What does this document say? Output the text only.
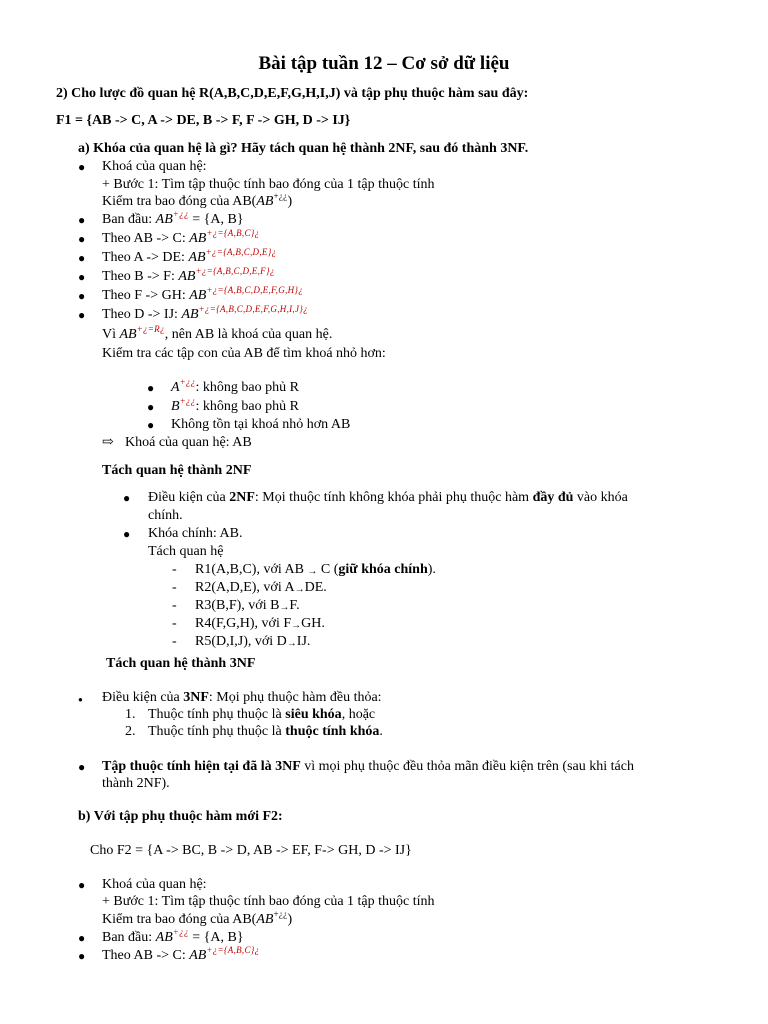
Bài tập tuần 12 – Cơ sở dữ liệu
2) Cho lược đồ quan hệ R(A,B,C,D,E,F,G,H,I,J) và tập phụ thuộc hàm sau đây:
F1 = {AB -> C, A -> DE, B -> F, F -> GH, D -> IJ}
a) Khóa của quan hệ là gì? Hãy tách quan hệ thành 2NF, sau đó thành 3NF.
● Khoá của quan hệ:
+ Bước 1: Tìm tập thuộc tính bao đóng của 1 tập thuộc tính
Kiểm tra bao đóng của AB(AB+¿¿)
● Ban đầu: AB+¿¿ = {A, B}
● Theo AB -> C: $AB^{+¿=\{A,B,C\}¿}$
● Theo A -> DE: $AB^{+¿=\{A,B,C,D,E\}¿}$
● Theo B -> F: $AB^{+¿=\{A,B,C,D,E,F\}¿}$
● Theo F -> GH: $AB^{+¿=\{A,B,C,D,E,F,G,H\}¿}$
● Theo D -> IJ: $AB^{+¿=\{A,B,C,D,E,F,G,H,I,J\}¿}$
Vì $AB^{+¿=R¿}$, nên AB là khoá của quan hệ.
Kiểm tra các tập con của AB để tìm khoá nhỏ hơn:
● A+¿¿: không bao phủ R
● B+¿¿: không bao phủ R
● Không tồn tại khoá nhỏ hơn AB
⇨ Khoá của quan hệ: AB
Tách quan hệ thành 2NF
● Điều kiện của 2NF: Mọi thuộc tính không khóa phải phụ thuộc hàm đầy đủ vào khóa
chính.
● Khóa chính: AB.
Tách quan hệ
- R1(A,B,C), với AB → C (giữ khóa chính).
- R2(A,D,E), với A→DE.
- R3(B,F), với B→F.
- R4(F,G,H), với F→GH.
- R5(D,I,J), với D→IJ.
Tách quan hệ thành 3NF
● Điều kiện của 3NF: Mọi phụ thuộc hàm đều thỏa:
1. Thuộc tính phụ thuộc là siêu khóa, hoặc
2. Thuộc tính phụ thuộc là thuộc tính khóa.
● Tập thuộc tính hiện tại đã là 3NF vì mọi phụ thuộc đều thỏa mãn điều kiện trên (sau khi tách
thành 2NF).
b) Với tập phụ thuộc hàm mới F2:
Cho F2 = {A -> BC, B -> D, AB -> EF, F-> GH, D -> IJ}
● Khoá của quan hệ:
+ Bước 1: Tìm tập thuộc tính bao đóng của 1 tập thuộc tính
Kiểm tra bao đóng của AB(AB+¿¿)
● Ban đầu: AB+¿¿ = {A, B}
● Theo AB -> C: $AB^{+¿=\{A,B,C\}¿}$
